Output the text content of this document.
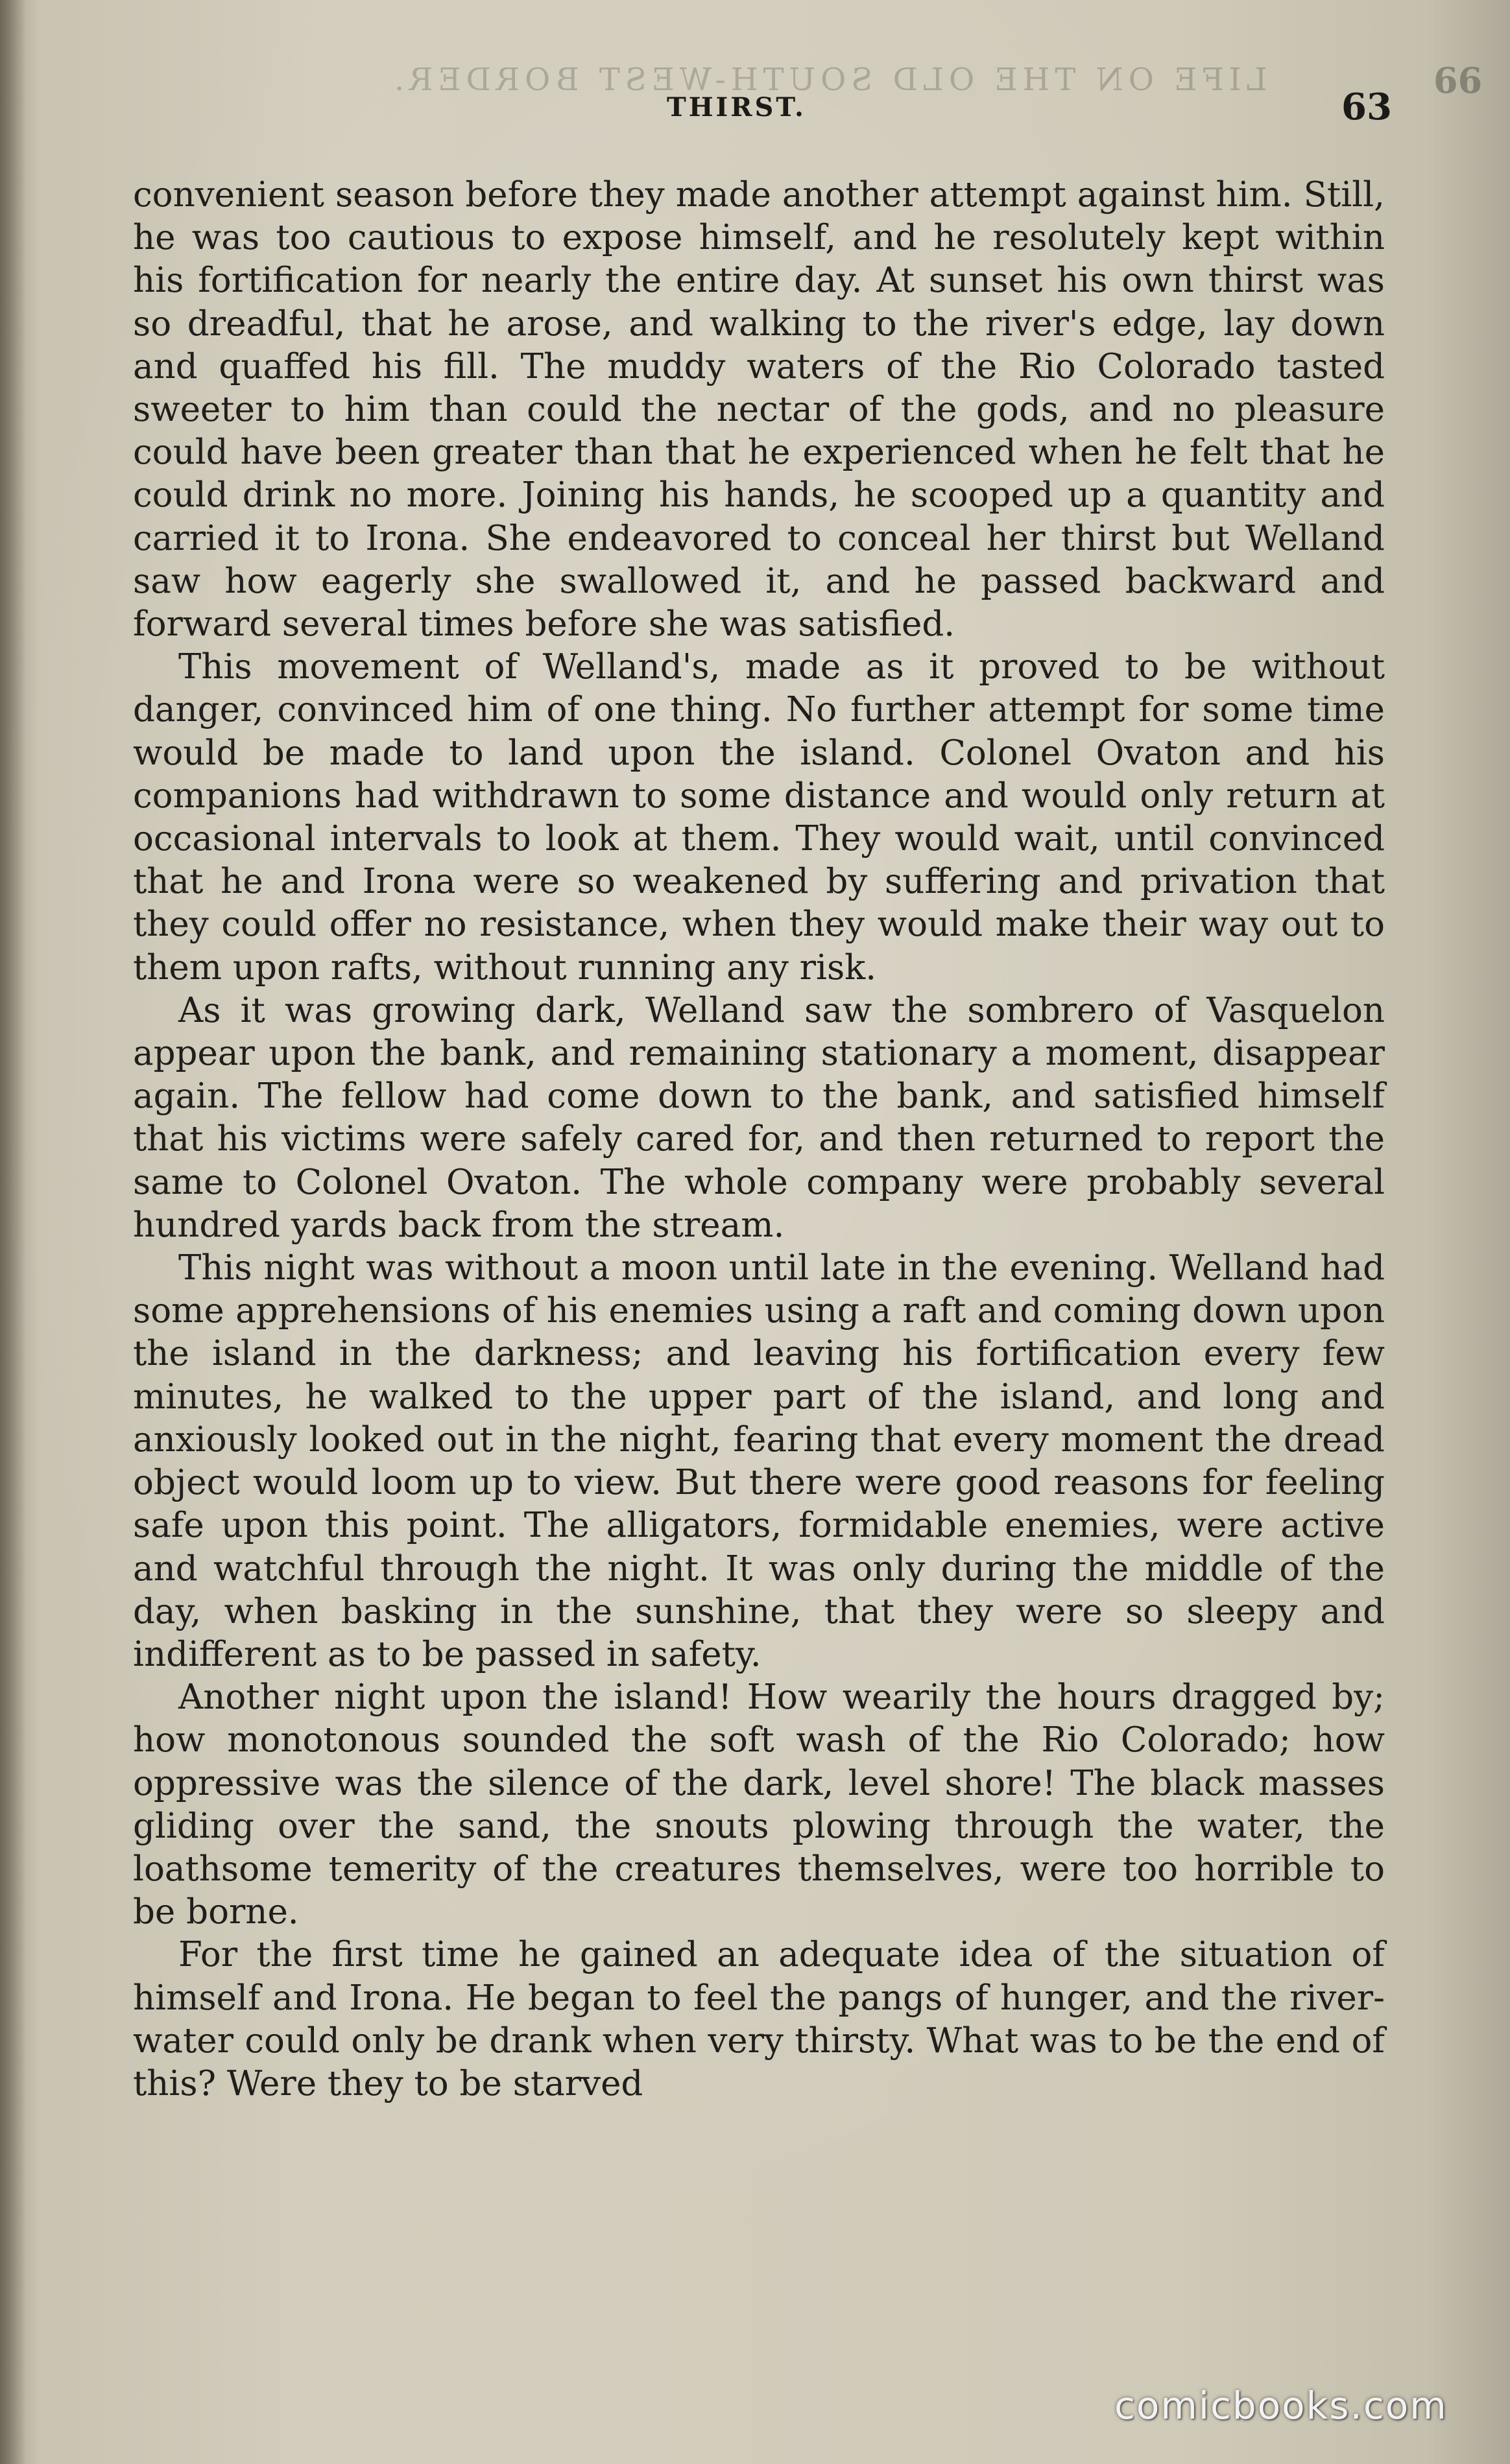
LIFE ON THE OLD SOUTH-WEST BORDER.	66
THIRST.	63

convenient season before they made another attempt against him. Still, he was too cautious to expose himself, and he resolutely kept within his fortification for nearly the entire day. At sunset his own thirst was so dreadful, that he arose, and walking to the river's edge, lay down and quaffed his fill. The muddy waters of the Rio Colorado tasted sweeter to him than could the nectar of the gods, and no pleasure could have been greater than that he experienced when he felt that he could drink no more. Joining his hands, he scooped up a quantity and carried it to Irona. She endeavored to conceal her thirst but Welland saw how eagerly she swallowed it, and he passed backward and forward several times before she was satisfied.

This movement of Welland's, made as it proved to be without danger, convinced him of one thing. No further attempt for some time would be made to land upon the island. Colonel Ovaton and his companions had withdrawn to some distance and would only return at occasional intervals to look at them. They would wait, until convinced that he and Irona were so weakened by suffering and privation that they could offer no resistance, when they would make their way out to them upon rafts, without running any risk.

As it was growing dark, Welland saw the sombrero of Vasquelon appear upon the bank, and remaining stationary a moment, disappear again. The fellow had come down to the bank, and satisfied himself that his victims were safely cared for, and then returned to report the same to Colonel Ovaton. The whole company were probably several hundred yards back from the stream.

This night was without a moon until late in the evening. Welland had some apprehensions of his enemies using a raft and coming down upon the island in the darkness; and leaving his fortification every few minutes, he walked to the upper part of the island, and long and anxiously looked out in the night, fearing that every moment the dread object would loom up to view. But there were good reasons for feeling safe upon this point. The alligators, formidable enemies, were active and watchful through the night. It was only during the middle of the day, when basking in the sunshine, that they were so sleepy and indifferent as to be passed in safety.

Another night upon the island! How wearily the hours dragged by; how monotonous sounded the soft wash of the Rio Colorado; how oppressive was the silence of the dark, level shore! The black masses gliding over the sand, the snouts plowing through the water, the loathsome temerity of the creatures themselves, were too horrible to be borne.

For the first time he gained an adequate idea of the situation of himself and Irona. He began to feel the pangs of hunger, and the river-water could only be drank when very thirsty. What was to be the end of this? Were they to be starved

comicbooks.com
